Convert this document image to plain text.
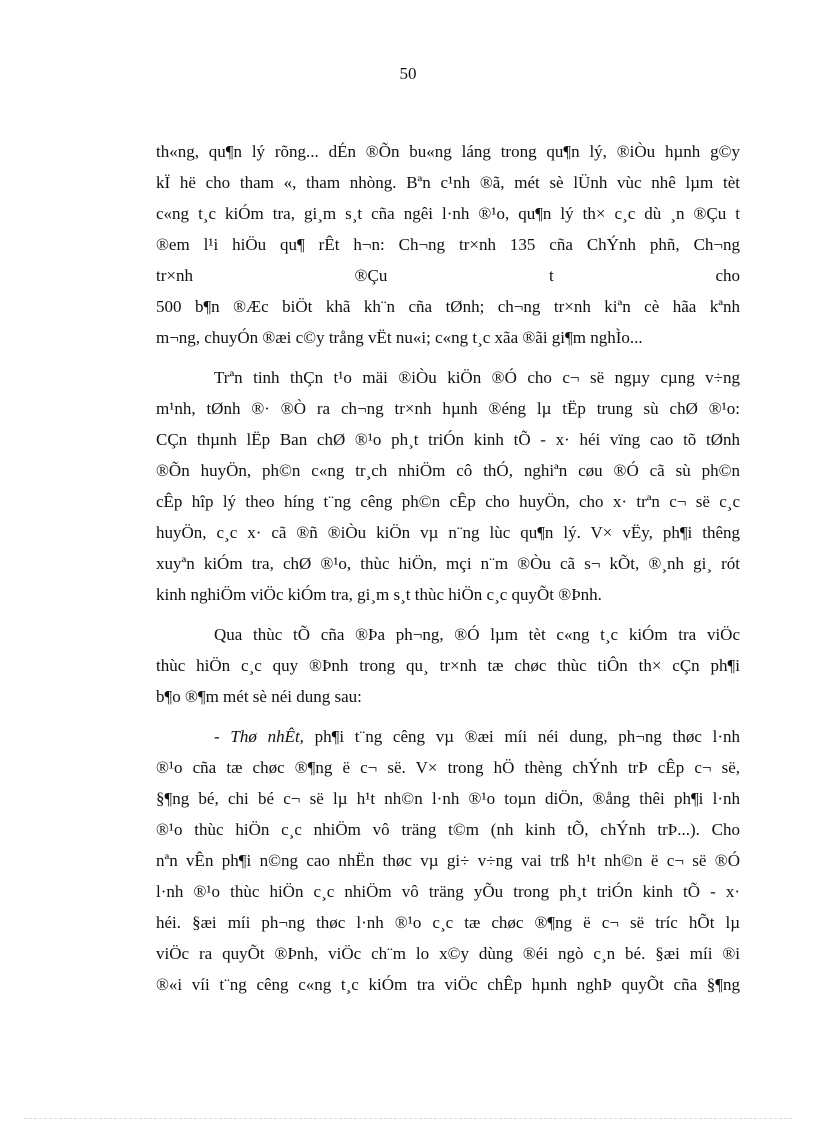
50
th«ng, qu¶n lý rõng... dÉn ®Õn bu«ng láng trong qu¶n lý, ®iÒu hµnh g©y
kÏ hë cho tham «, tham nhòng. Bªn c¹nh ®ã, mét sè lÜnh vùc nhê lµm tèt
c«ng t¸c kiÓm tra, gi¸m s¸t cña ngêi l·nh ®¹o, qu¶n lý th× c¸c dù ¸n ®Çu t
®em l¹i hiÖu qu¶ rÊt h¬n: Ch¬ng tr×nh 135 cña ChÝnh phñ, Ch¬ng
tr×nh ®Çu t cho
500 b¶n ®Æc biÖt khã kh¨n cña tØnh; ch¬ng tr×nh kiªn cè hãa kªnh
m¬ng, chuyÓn ®æi c©y trång vËt nu«i; c«ng t¸c xãa ®ãi gi¶m nghÌo...
Trªn tinh thÇn t¹o mäi ®iÒu kiÖn ®Ó cho c¬ së ngµy cµng v÷ng
m¹nh, tØnh ®· ®Ò ra ch¬ng tr×nh hµnh ®éng lµ tËp trung sù chØ ®¹o:
CÇn thµnh lËp Ban chØ ®¹o ph¸t triÓn kinh tÕ - x· héi vïng cao tõ tØnh
®Õn huyÖn, ph©n c«ng tr¸ch nhiÖm cô thÓ, nghiªn cøu ®Ó cã sù ph©n
cÊp hîp lý theo híng t¨ng cêng ph©n cÊp cho huyÖn, cho x· trªn c¬ së c¸c
huyÖn, c¸c x· cã ®ñ ®iÒu kiÖn vµ n¨ng lùc qu¶n lý. V× vËy, ph¶i thêng
xuyªn kiÓm tra, chØ ®¹o, thùc hiÖn, mçi n¨m ®Òu cã s¬ kÕt, ®¸nh gi¸ rót
kinh nghiÖm viÖc kiÓm tra, gi¸m s¸t thùc hiÖn c¸c quyÕt ®Þnh.
Qua thùc tÕ cña ®Þa ph¬ng, ®Ó lµm tèt c«ng t¸c kiÓm tra viÖc
thùc hiÖn c¸c quy ®Þnh trong qu¸ tr×nh tæ chøc thùc tiÔn th× cÇn ph¶i
b¶o ®¶m mét sè néi dung sau:
- Thø nhÊt, ph¶i t¨ng cêng vµ ®æi míi néi dung, ph¬ng thøc l·nh
®¹o cña tæ chøc ®¶ng ë c¬ së. V× trong hÖ thèng chÝnh trÞ cÊp c¬ së,
§¶ng bé, chi bé c¬ së lµ h¹t nh©n l·nh ®¹o toµn diÖn, ®ång thêi ph¶i l·nh
®¹o thùc hiÖn c¸c nhiÖm vô träng t©m (nh kinh tÕ, chÝnh trÞ...). Cho
nªn vÊn ph¶i n©ng cao nhËn thøc vµ gi÷ v÷ng vai trß h¹t nh©n ë c¬ së ®Ó
l·nh ®¹o thùc hiÖn c¸c nhiÖm vô träng yÕu trong ph¸t triÓn kinh tÕ - x·
héi. §æi míi ph¬ng thøc l·nh ®¹o c¸c tæ chøc ®¶ng ë c¬ së tríc hÕt lµ
viÖc ra quyÕt ®Þnh, viÖc ch¨m lo x©y dùng ®éi ngò c¸n bé. §æi míi ®i
®«i víi t¨ng cêng c«ng t¸c kiÓm tra viÖc chÊp hµnh nghÞ quyÕt cña §¶ng
